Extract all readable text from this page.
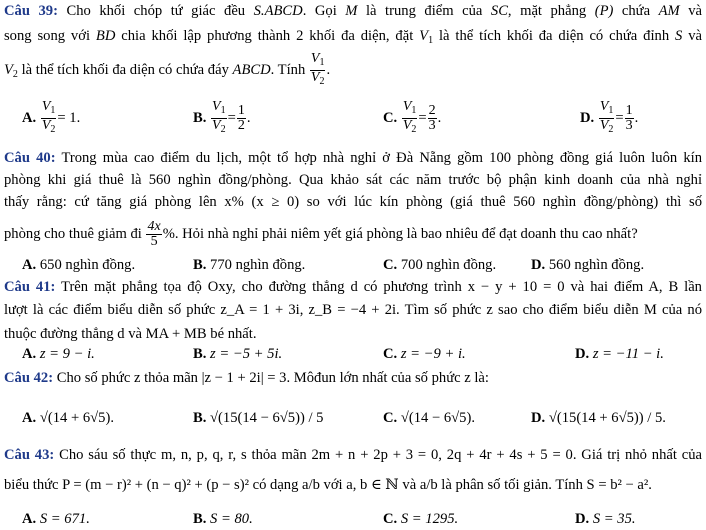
Câu 39: Cho khối chóp tứ giác đều S.ABCD. Gọi M là trung điểm của SC, mặt phẳng (P) chứa AM và
song song với BD chia khối lập phương thành 2 khối đa diện, đặt $V_1$ là thể tích khối đa diện có chứa đỉnh S và
$V_2$ là thể tích khối đa diện có chứa đáy ABCD. Tính $\frac{V_1}{V_2}$ .
A. $\frac{V_1}{V_2} = 1$.	B. $\frac{V_1}{V_2} = \frac{1}{2}$ .	C. $\frac{V_1}{V_2} = \frac{2}{3}$ .	D. $\frac{V_1}{V_2} = \frac{1}{3}$ .
Câu 40: Trong mùa cao điểm du lịch, một tổ hợp nhà nghỉ ở Đà Nẵng gồm 100 phòng đồng giá luôn luôn kín
phòng khi giá thuê là 560 nghìn đồng/phòng. Qua khảo sát các năm trước bộ phận kinh doanh của nhà nghỉ
thấy rằng: cứ tăng giá phòng lên x% (x ≥ 0) so với lúc kín phòng (giá thuê 560 nghìn đồng/phòng) thì số
phòng cho thuê giảm đi $\frac{4x}{5}$ %. Hỏi nhà nghỉ phải niêm yết giá phòng là bao nhiêu để đạt doanh thu cao nhất?
A. 650 nghìn đồng.	B. 770 nghìn đồng.	C. 700 nghìn đồng. D. 560 nghìn đồng.
Câu 41: Trên mặt phẳng tọa độ Oxy, cho đường thẳng d có phương trình x − y + 10 = 0 và hai điểm A, B lần
lượt là các điểm biểu diễn số phức z_A = 1 + 3i, z_B = −4 + 2i. Tìm số phức z sao cho điểm biểu diễn M của nó
thuộc đường thẳng d và MA + MB bé nhất.
A. z = 9 − i.	B. z = −5 + 5i.	C. z = −9 + i.	D. z = −11 − i.
Câu 42: Cho số phức z thỏa mãn |z − 1 + 2i| = 3. Môđun lớn nhất của số phức z là:
A. √(14 + 6√5).	B. √(15(14 − 6√5)) / 5	C. √(14 − 6√5).	D. √(15(14 + 6√5)) / 5.
Câu 43: Cho sáu số thực m, n, p, q, r, s thỏa mãn 2m + n + 2p + 3 = 0, 2q + 4r + 4s + 5 = 0. Giá trị nhỏ nhất của
biểu thức P = (m − r)² + (n − q)² + (p − s)² có dạng a/b với a, b ∈ ℕ và a/b là phân số tối giản. Tính S = b² − a².
A. S = 671.	B. S = 80.	C. S = 1295.	D. S = 35.
